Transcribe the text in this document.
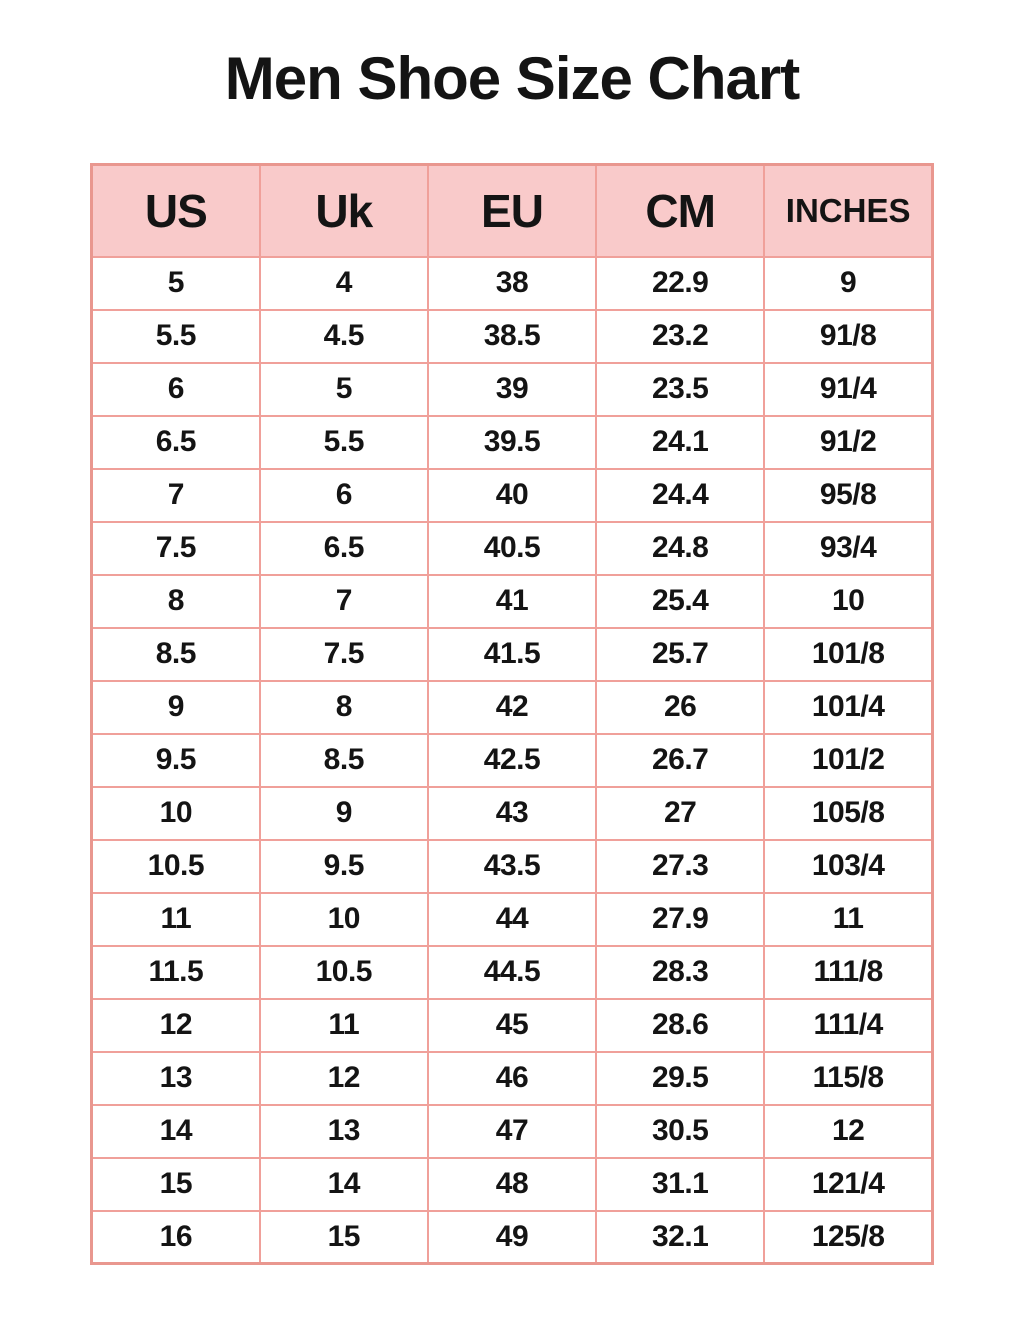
Men Shoe Size Chart
US	Uk	EU	CM	INCHES
5	4	38	22.9	9
5.5	4.5	38.5	23.2	91/8
6	5	39	23.5	91/4
6.5	5.5	39.5	24.1	91/2
7	6	40	24.4	95/8
7.5	6.5	40.5	24.8	93/4
8	7	41	25.4	10
8.5	7.5	41.5	25.7	101/8
9	8	42	26	101/4
9.5	8.5	42.5	26.7	101/2
10	9	43	27	105/8
10.5	9.5	43.5	27.3	103/4
11	10	44	27.9	11
11.5	10.5	44.5	28.3	111/8
12	11	45	28.6	111/4
13	12	46	29.5	115/8
14	13	47	30.5	12
15	14	48	31.1	121/4
16	15	49	32.1	125/8
